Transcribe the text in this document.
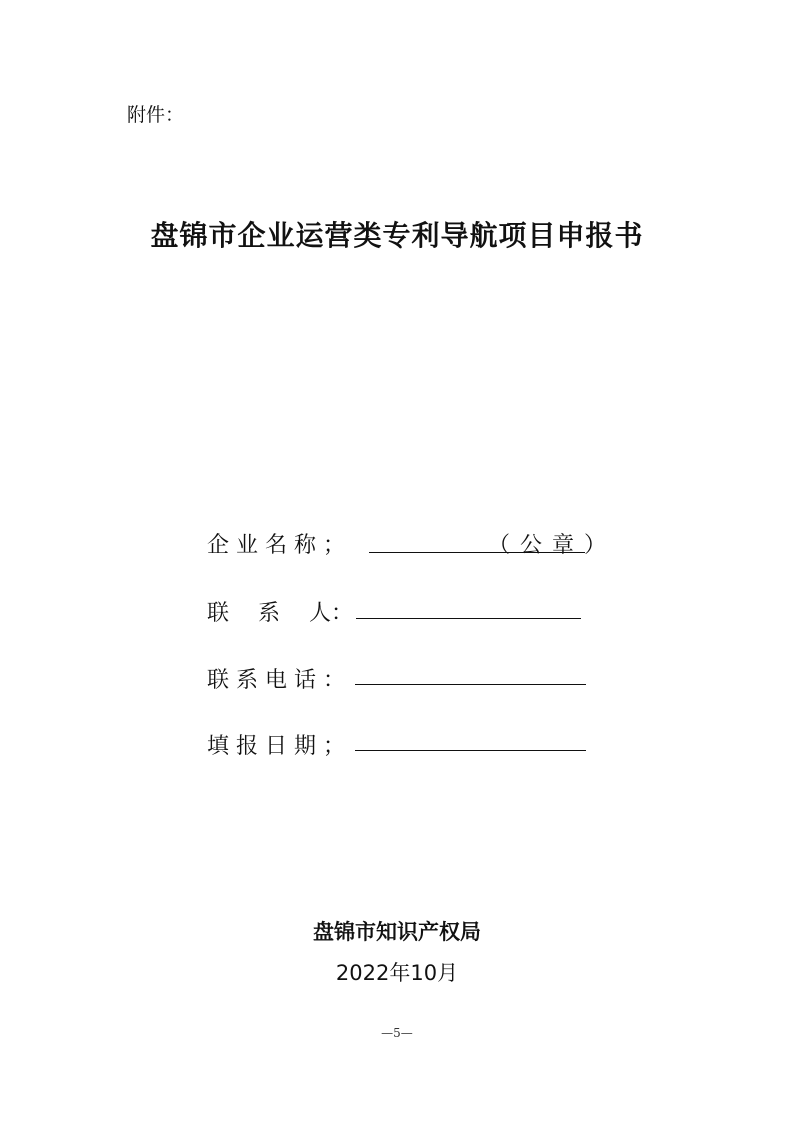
附件：
盘锦市企业运营类专利导航项目申报书
企 业 名 称 ；	（公章）
联　 系　 人：
联 系 电 话 ：
填 报 日 期 ；
盘锦市知识产权局
2022年10月
—5—
